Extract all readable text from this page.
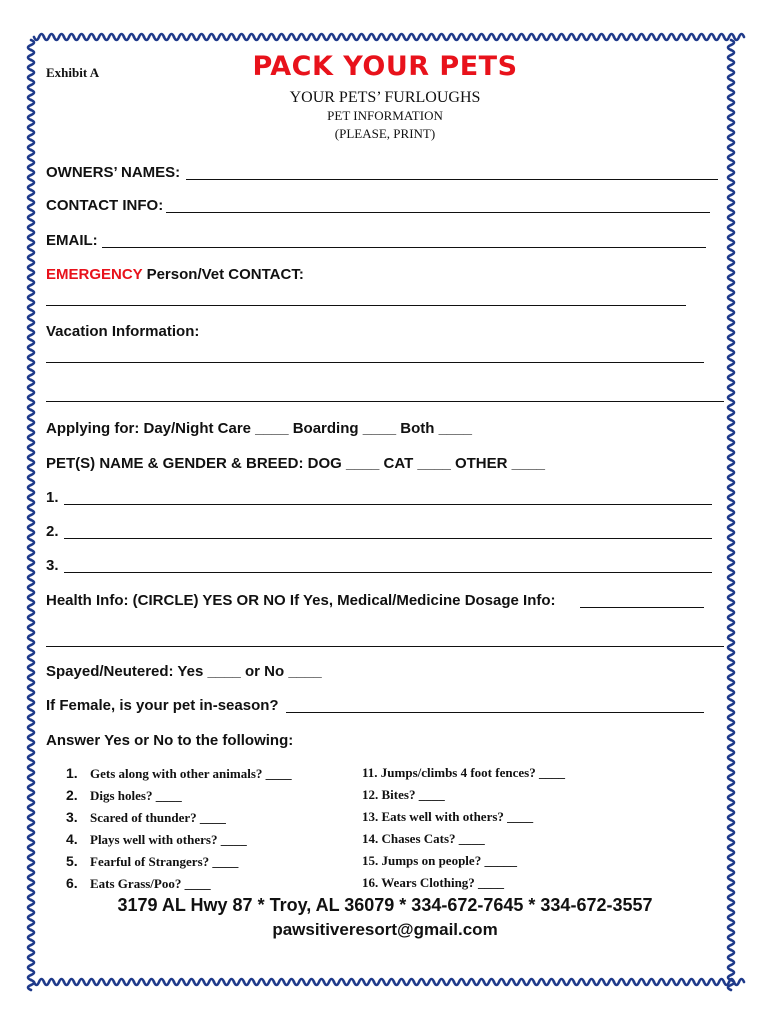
Exhibit A	PACK YOUR PETS
YOUR PETS’ FURLOUGHS
PET INFORMATION
(PLEASE, PRINT)
OWNERS’ NAMES:
CONTACT INFO:
EMAIL:
EMERGENCY Person/Vet CONTACT:
Vacation Information:
Applying for: Day/Night Care ____ Boarding ____ Both ____
PET(S) NAME & GENDER & BREED: DOG ____ CAT ____ OTHER ____
1.
2.
3.
Health Info: (CIRCLE) YES OR NO If Yes, Medical/Medicine Dosage Info:
Spayed/Neutered: Yes ____ or No ____
If Female, is your pet in-season?
Answer Yes or No to the following:
1. Gets along with other animals? ____
2. Digs holes? ____
3. Scared of thunder? ____
4. Plays well with others? ____
5. Fearful of Strangers? ____
6. Eats Grass/Poo? ____
11. Jumps/climbs 4 foot fences? ____
12. Bites? ____
13. Eats well with others? ____
14. Chases Cats? ____
15. Jumps on people? _____
16. Wears Clothing? ____
3179 AL Hwy 87 * Troy, AL 36079 * 334-672-7645 * 334-672-3557
pawsitiveresort@gmail.com
